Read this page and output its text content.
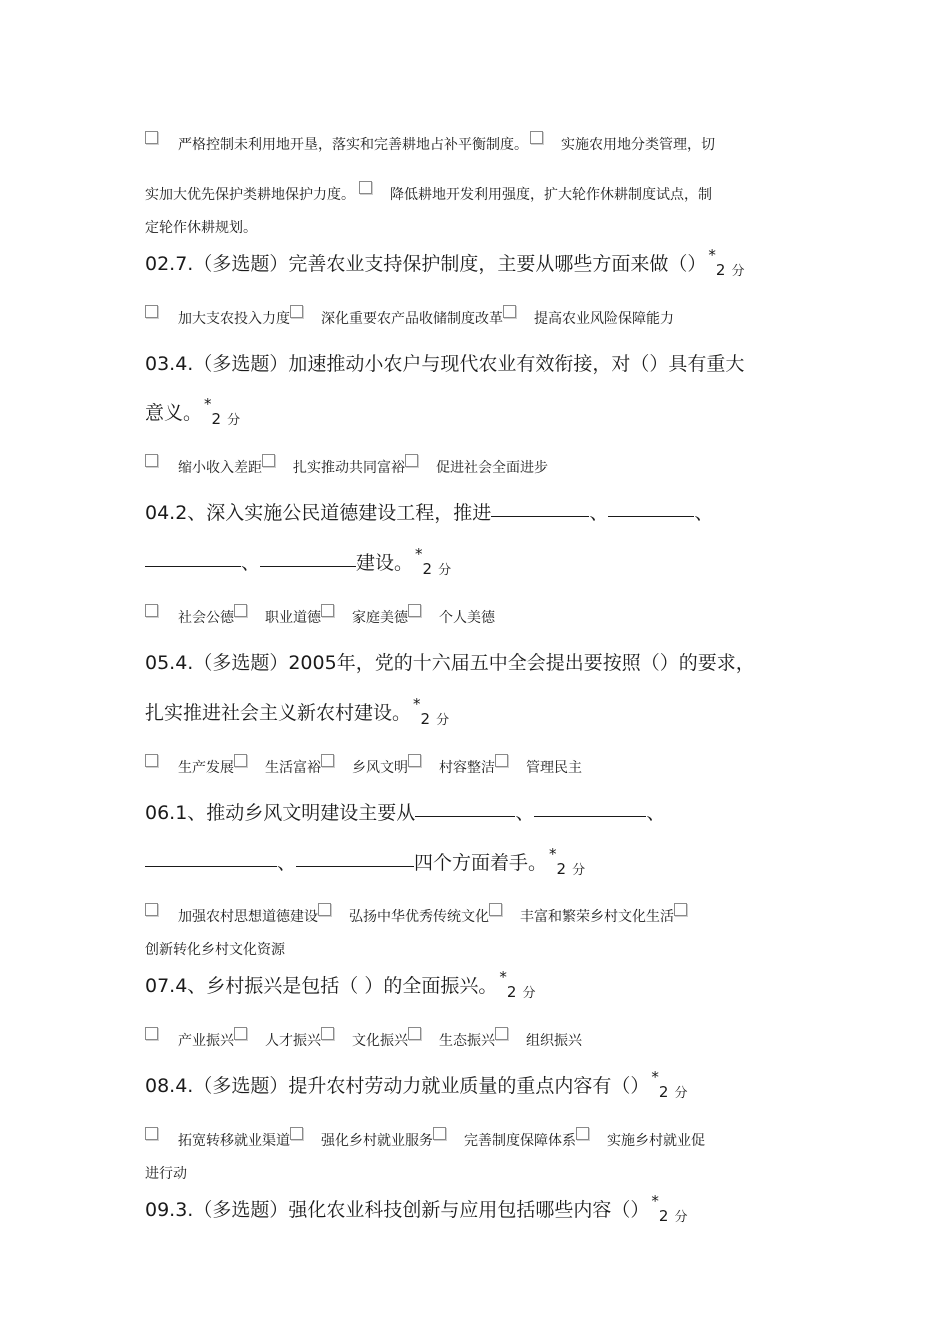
严格控制未利用地开垦，落实和完善耕地占补平衡制度。 实施农用地分类管理，切
实加大优先保护类耕地保护力度。	降低耕地开发利用强度，扩大轮作休耕制度试点，制
定轮作休耕规划。
02.7.（多选题）完善农业支持保护制度，主要从哪些方面来做（） *$_2$ $_分$
加大支农投入力度 深化重要农产品收储制度改革 提高农业风险保障能力
03.4.（多选题）加速推动小农户与现代农业有效衔接，对（）具有重大
意义。 *$_2$ $_分$
缩小收入差距 扎实推动共同富裕 促进社会全面进步
04.2、深入实施公民道德建设工程，推进	、	、
、	建设。 *$_2$ $_分$
社会公德 职业道德 家庭美德 个人美德
05.4.（多选题）2005年，党的十六届五中全会提出要按照（）的要求，
扎实推进社会主义新农村建设。 *$_2$ $_分$
生产发展 生活富裕 乡风文明 村容整洁 管理民主
06.1、推动乡风文明建设主要从	、	、
、	四个方面着手。 *$_2$ $_分$
加强农村思想道德建设 弘扬中华优秀传统文化 丰富和繁荣乡村文化生活
创新转化乡村文化资源
07.4、乡村振兴是包括（ ）的全面振兴。 *$_2$ $_分$
产业振兴 人才振兴 文化振兴 生态振兴 组织振兴
08.4.（多选题）提升农村劳动力就业质量的重点内容有（） *$_2$ $_分$
拓宽转移就业渠道 强化乡村就业服务 完善制度保障体系 实施乡村就业促
进行动
09.3.（多选题）强化农业科技创新与应用包括哪些内容（） *$_2$ $_分$
